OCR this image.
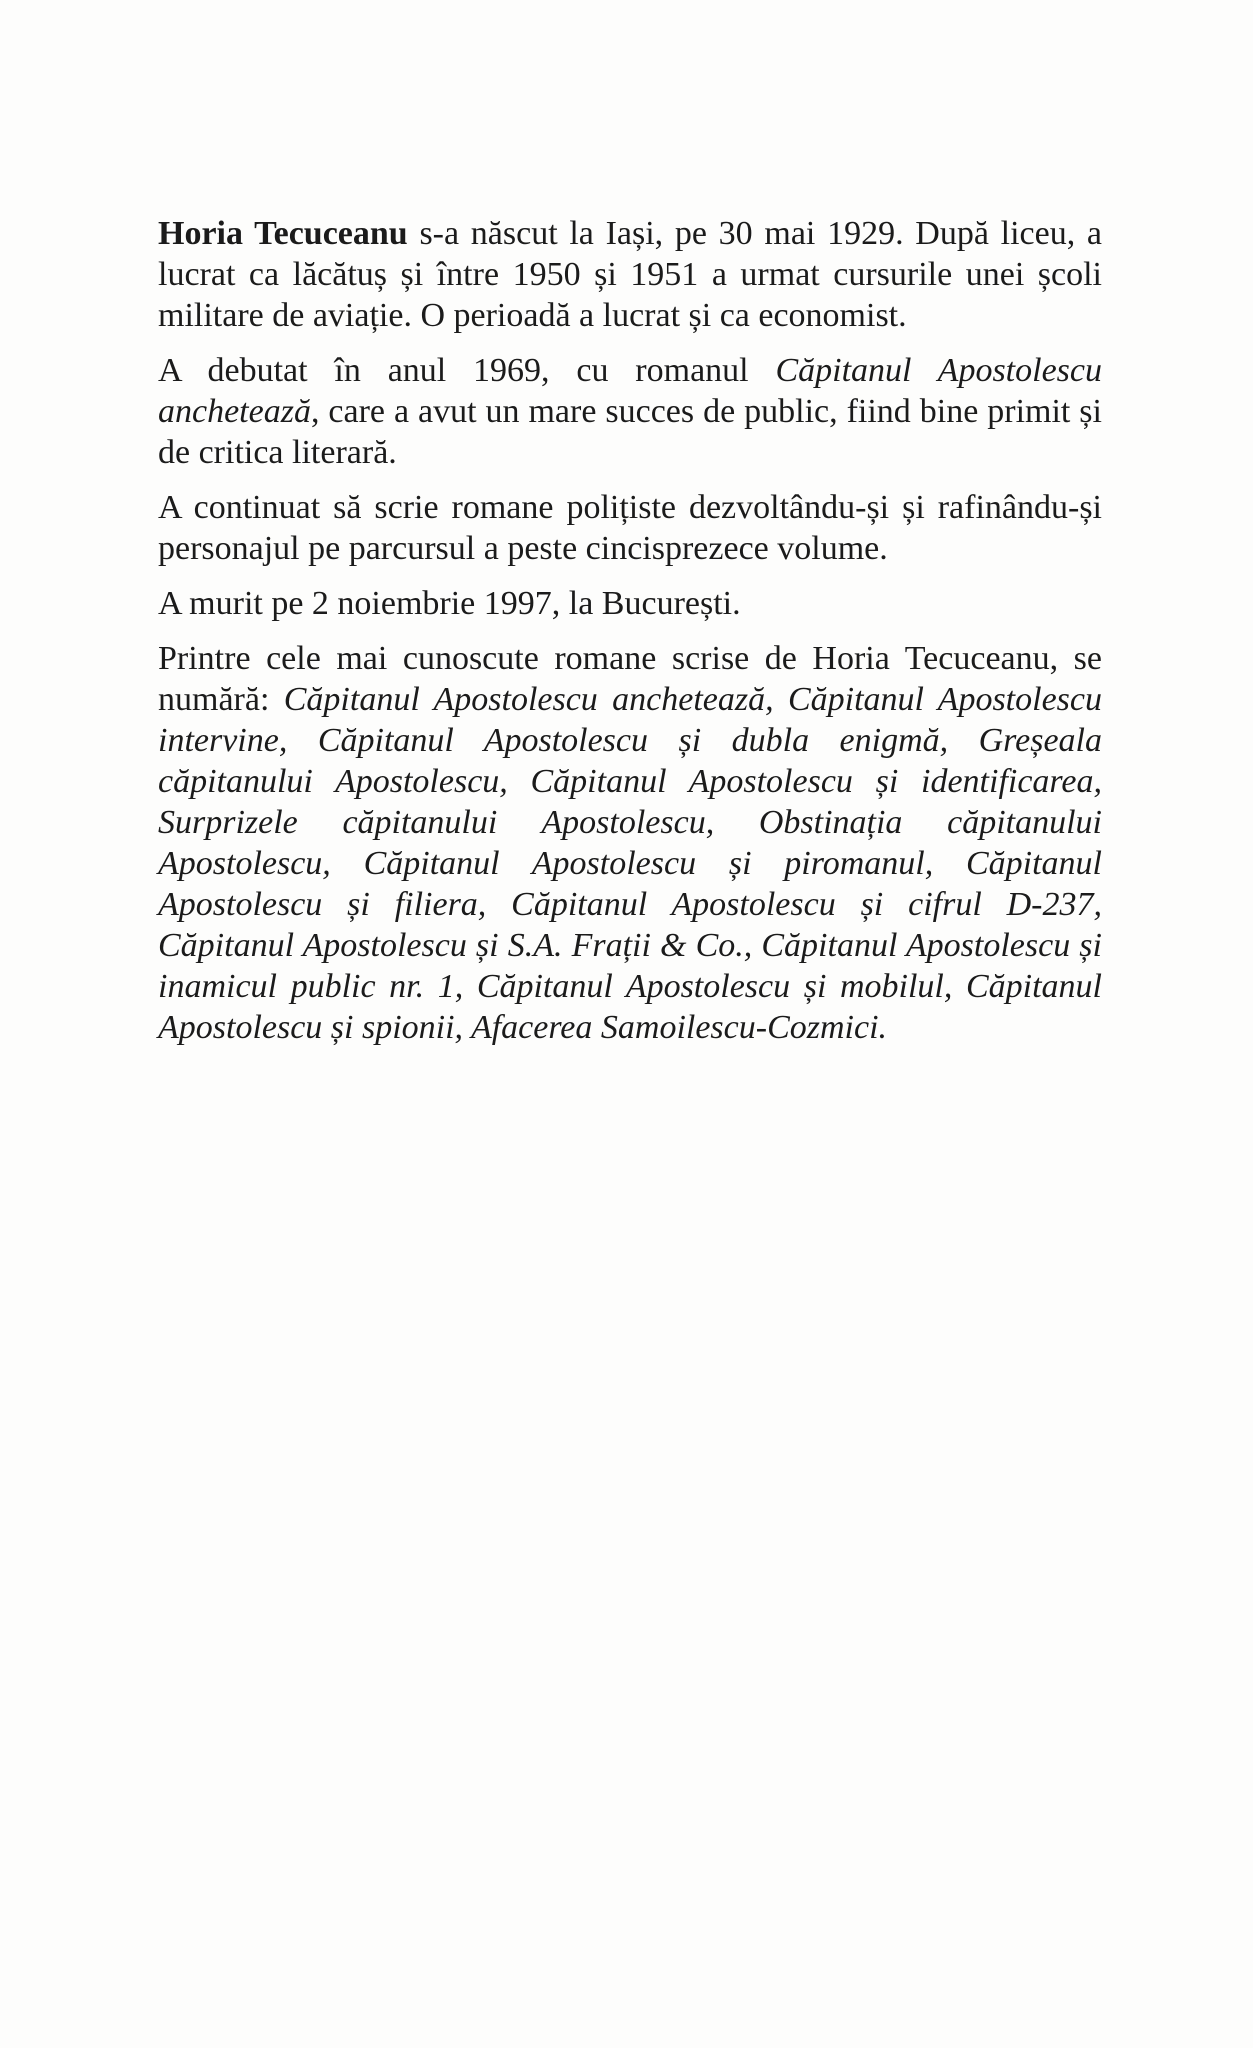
Horia Tecuceanu s-a născut la Iași, pe 30 mai 1929. După liceu, a lucrat ca lăcătuș și între 1950 și 1951 a urmat cursurile unei școli militare de aviație. O perioadă a lucrat și ca economist.

A debutat în anul 1969, cu romanul Căpitanul Apostolescu anchetează, care a avut un mare succes de public, fiind bine primit și de critica literară.

A continuat să scrie romane polițiste dezvoltându-și și rafinându-și personajul pe parcursul a peste cincisprezece volume.

A murit pe 2 noiembrie 1997, la București.

Printre cele mai cunoscute romane scrise de Horia Tecuceanu, se numără: Căpitanul Apostolescu anchetează, Căpitanul Apostolescu intervine, Căpitanul Apostolescu și dubla enigmă, Greșeala căpitanului Apostolescu, Căpitanul Apostolescu și identificarea, Surprizele căpitanului Apostolescu, Obstinația căpitanului Apostolescu, Căpitanul Apostolescu și piromanul, Căpitanul Apostolescu și filiera, Căpitanul Apostolescu și cifrul D-237, Căpitanul Apostolescu și S.A. Frații & Co., Căpitanul Apostolescu și inamicul public nr. 1, Căpitanul Apostolescu și mobilul, Căpitanul Apostolescu și spionii, Afacerea Samoilescu-Cozmici.
